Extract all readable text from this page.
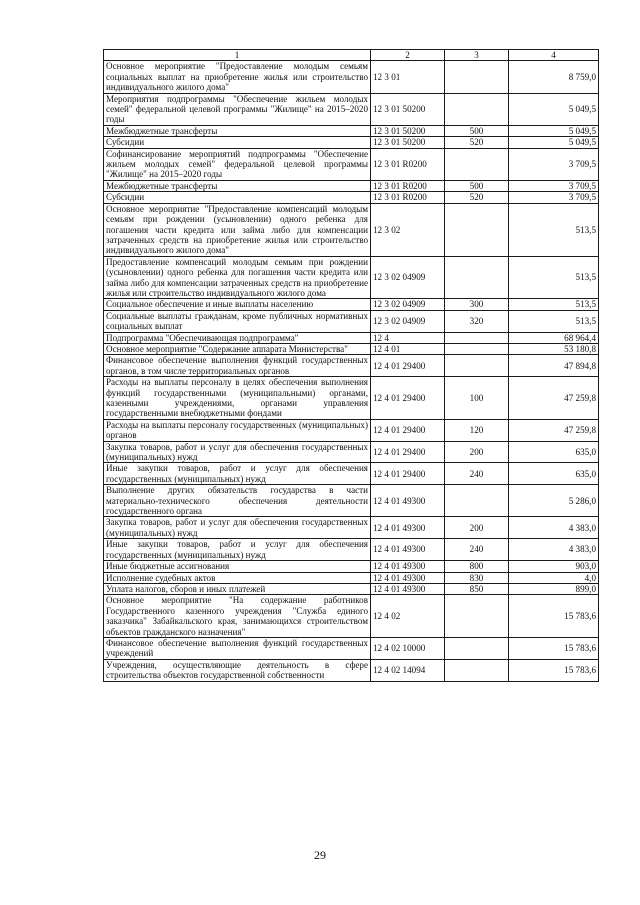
1	2	3	4
Основное мероприятие "Предоставление молодым семьям социальных выплат на приобретение жилья или строительство индивидуального жилого дома"	12 3 01		8 759,0
Мероприятия подпрограммы "Обеспечение жильем молодых семей" федеральной целевой программы "Жилище" на 2015–2020 годы	12 3 01 50200		5 049,5
Межбюджетные трансферты	12 3 01 50200	500	5 049,5
Субсидии	12 3 01 50200	520	5 049,5
Софинансирование мероприятий подпрограммы "Обеспечение жильем молодых семей" федеральной целевой программы "Жилище" на 2015–2020 годы	12 3 01 R0200		3 709,5
Межбюджетные трансферты	12 3 01 R0200	500	3 709,5
Субсидии	12 3 01 R0200	520	3 709,5
Основное мероприятие "Предоставление компенсаций молодым семьям при рождении (усыновлении) одного ребенка для погашения части кредита или займа либо для компенсации затраченных средств на приобретение жилья или строительство индивидуального жилого дома"	12 3 02		513,5
Предоставление компенсаций молодым семьям при рождении (усыновлении) одного ребенка для погашения части кредита или займа либо для компенсации затраченных средств на приобретение жилья или строительство индивидуального жилого дома	12 3 02 04909		513,5
Социальное обеспечение и иные выплаты населению	12 3 02 04909	300	513,5
Социальные выплаты гражданам, кроме публичных нормативных социальных выплат	12 3 02 04909	320	513,5
Подпрограмма "Обеспечивающая подпрограмма"	12 4		68 964,4
Основное мероприятие "Содержание аппарата Министерства"	12 4 01		53 180,8
Финансовое обеспечение выполнения функций государственных органов, в том числе территориальных органов	12 4 01 29400		47 894,8
Расходы на выплаты персоналу в целях обеспечения выполнения функций государственными (муниципальными) органами, казенными учреждениями, органами управления государственными внебюджетными фондами	12 4 01 29400	100	47 259,8
Расходы на выплаты персоналу государственных (муниципальных) органов	12 4 01 29400	120	47 259,8
Закупка товаров, работ и услуг для обеспечения государственных (муниципальных) нужд	12 4 01 29400	200	635,0
Иные закупки товаров, работ и услуг для обеспечения государственных (муниципальных) нужд	12 4 01 29400	240	635,0
Выполнение других обязательств государства в части материально-технического обеспечения деятельности государственного органа	12 4 01 49300		5 286,0
Закупка товаров, работ и услуг для обеспечения государственных (муниципальных) нужд	12 4 01 49300	200	4 383,0
Иные закупки товаров, работ и услуг для обеспечения государственных (муниципальных) нужд	12 4 01 49300	240	4 383,0
Иные бюджетные ассигнования	12 4 01 49300	800	903,0
Исполнение судебных актов	12 4 01 49300	830	4,0
Уплата налогов, сборов и иных платежей	12 4 01 49300	850	899,0
Основное мероприятие "На содержание работников Государственного казенного учреждения "Служба единого заказчика" Забайкальского края, занимающихся строительством объектов гражданского назначения"	12 4 02		15 783,6
Финансовое обеспечение выполнения функций государственных учреждений	12 4 02 10000		15 783,6
Учреждения, осуществляющие деятельность в сфере строительства объектов государственной собственности	12 4 02 14094		15 783,6
29
